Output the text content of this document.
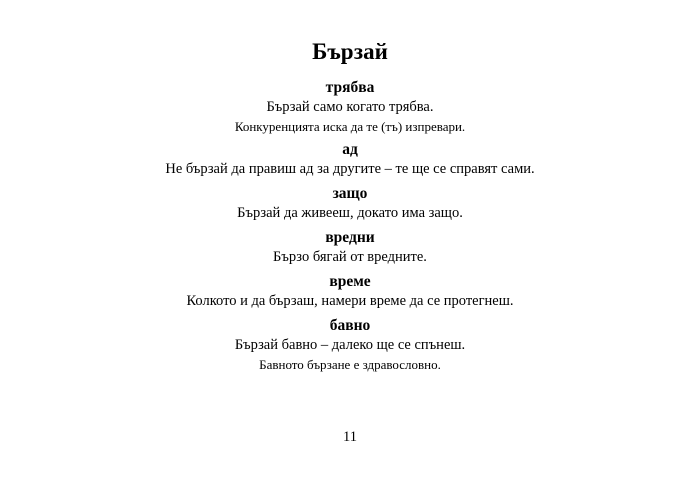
Бързай

трябва

Бързай само когато трябва.

Конкуренцията иска да те (тъ) изпревари.

ад

Не бързай да правиш ад за другите – те ще се справят сами.

защо

Бързай да живееш, докато има защо.

вредни

Бързо бягай от вредните.

време

Колкото и да бързаш, намери време да се протегнеш.

бавно

Бързай бавно – далеко ще се спънеш.

Бавното бързане е здравословно.

11
